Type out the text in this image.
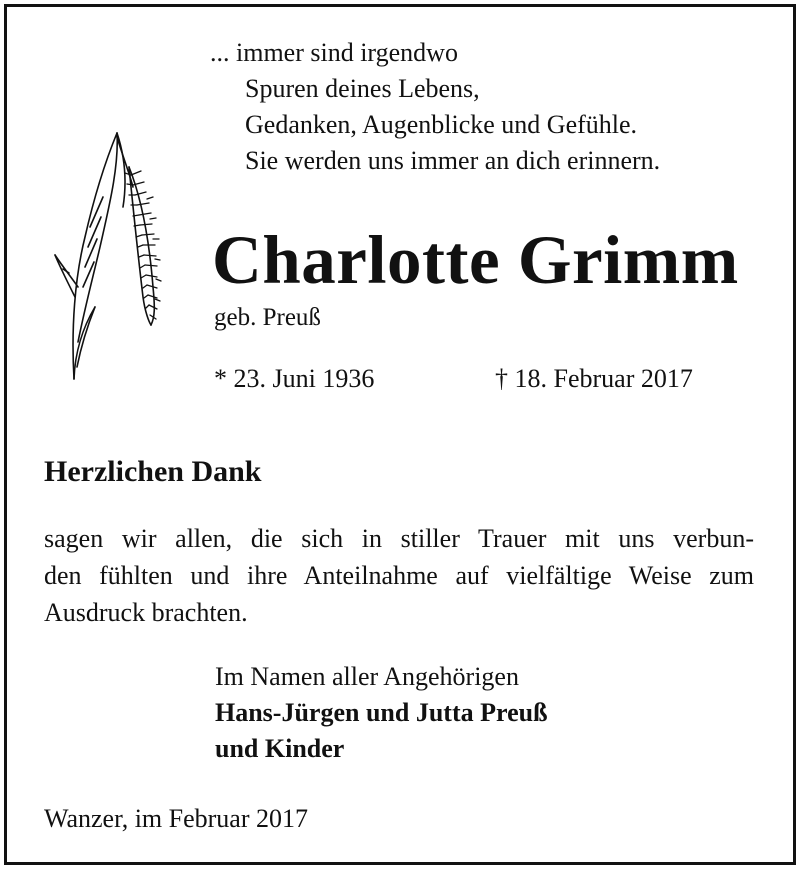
... immer sind irgendwo
Spuren deines Lebens,
Gedanken, Augenblicke und Gefühle.
Sie werden uns immer an dich erinnern.
Charlotte Grimm
geb. Preuß
* 23. Juni 1936	† 18. Februar 2017
Herzlichen Dank
sagen wir allen, die sich in stiller Trauer mit uns verbun-
den fühlten und ihre Anteilnahme auf vielfältige Weise zum
Ausdruck brachten.
Im Namen aller Angehörigen
Hans-Jürgen und Jutta Preuß
und Kinder
Wanzer, im Februar 2017
